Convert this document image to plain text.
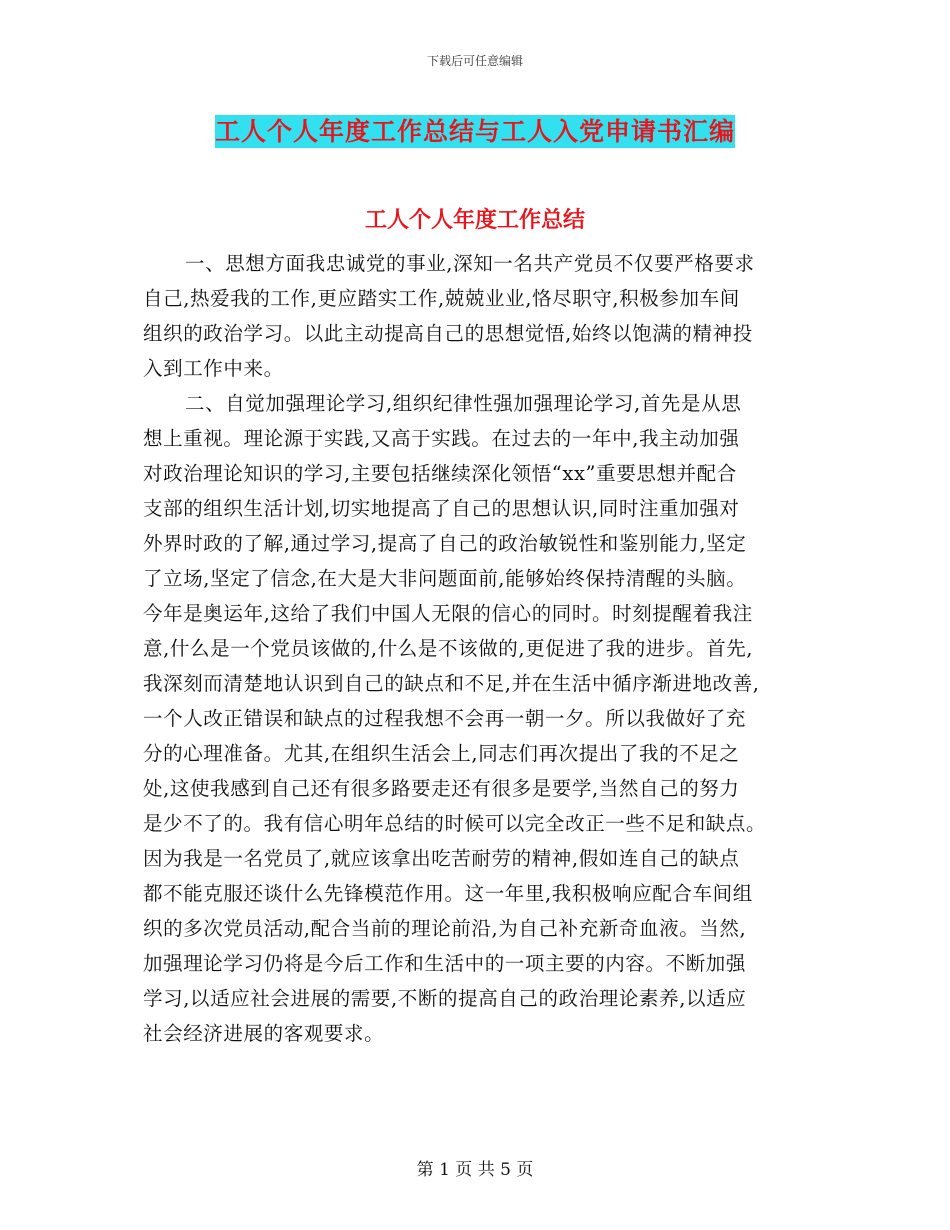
下载后可任意编辑
工人个人年度工作总结与工人入党申请书汇编
工人个人年度工作总结
一、思想方面我忠诚党的事业,深知一名共产党员不仅要严格要求
自己,热爱我的工作,更应踏实工作,兢兢业业,恪尽职守,积极参加车间
组织的政治学习。以此主动提高自己的思想觉悟,始终以饱满的精神投
入到工作中来。
二、自觉加强理论学习,组织纪律性强加强理论学习,首先是从思
想上重视。理论源于实践,又高于实践。在过去的一年中,我主动加强
对政治理论知识的学习,主要包括继续深化领悟“xx”重要思想并配合
支部的组织生活计划,切实地提高了自己的思想认识,同时注重加强对
外界时政的了解,通过学习,提高了自己的政治敏锐性和鉴别能力,坚定
了立场,坚定了信念,在大是大非问题面前,能够始终保持清醒的头脑。
今年是奥运年,这给了我们中国人无限的信心的同时。时刻提醒着我注
意,什么是一个党员该做的,什么是不该做的,更促进了我的进步。首先,
我深刻而清楚地认识到自己的缺点和不足,并在生活中循序渐进地改善,
一个人改正错误和缺点的过程我想不会再一朝一夕。所以我做好了充
分的心理准备。尤其,在组织生活会上,同志们再次提出了我的不足之
处,这使我感到自己还有很多路要走还有很多是要学,当然自己的努力
是少不了的。我有信心明年总结的时候可以完全改正一些不足和缺点。
因为我是一名党员了,就应该拿出吃苦耐劳的精神,假如连自己的缺点
都不能克服还谈什么先锋模范作用。这一年里,我积极响应配合车间组
织的多次党员活动,配合当前的理论前沿,为自己补充新奇血液。当然,
加强理论学习仍将是今后工作和生活中的一项主要的内容。不断加强
学习,以适应社会进展的需要,不断的提高自己的政治理论素养,以适应
社会经济进展的客观要求。
第 1 页 共 5 页
